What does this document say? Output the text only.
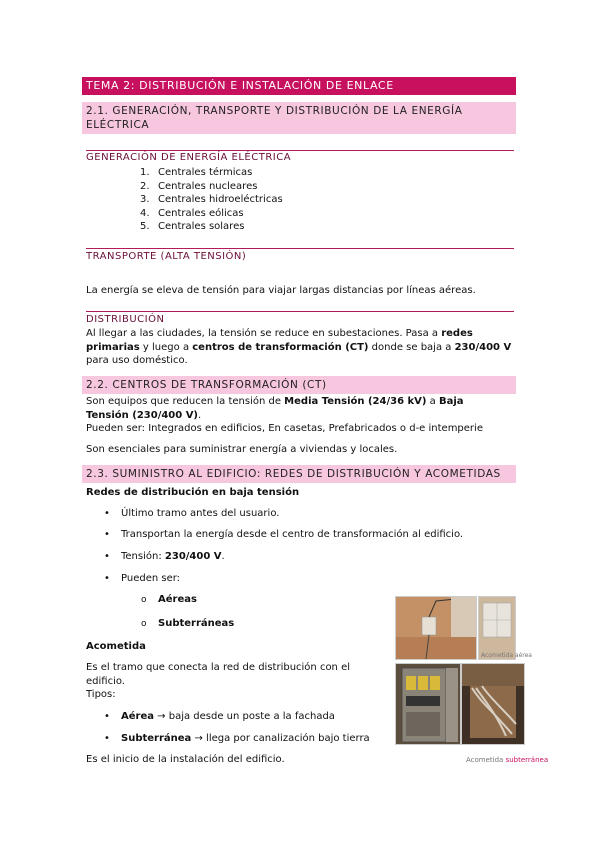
TEMA 2: DISTRIBUCIÓN E INSTALACIÓN DE ENLACE
2.1. GENERACIÓN, TRANSPORTE Y DISTRIBUCIÓN DE LA ENERGÍA
ELÉCTRICA
GENERACIÓN DE ENERGÍA ELÉCTRICA
1. Centrales térmicas
2. Centrales nucleares
3. Centrales hidroeléctricas
4. Centrales eólicas
5. Centrales solares
TRANSPORTE (ALTA TENSIÓN)
La energía se eleva de tensión para viajar largas distancias por líneas aéreas.
DISTRIBUCIÓN
Al llegar a las ciudades, la tensión se reduce en subestaciones. Pasa a redes
primarias y luego a centros de transformación (CT) donde se baja a 230/400 V
para uso doméstico.
2.2. CENTROS DE TRANSFORMACIÓN (CT)
Son equipos que reducen la tensión de Media Tensión (24/36 kV) a Baja
Tensión (230/400 V).
Pueden ser: Integrados en edificios, En casetas, Prefabricados o d-e intemperie
Son esenciales para suministrar energía a viviendas y locales.
2.3. SUMINISTRO AL EDIFICIO: REDES DE DISTRIBUCIÓN Y ACOMETIDAS
Redes de distribución en baja tensión
• Último tramo antes del usuario.
• Transportan la energía desde el centro de transformación al edificio.
• Tensión: 230/400 V.
• Pueden ser:
o Aéreas
o Subterráneas
Acometida
Es el tramo que conecta la red de distribución con el
edificio.
Tipos:
• Aérea → baja desde un poste a la fachada
• Subterránea → llega por canalización bajo tierra
Es el inicio de la instalación del edificio.
Acometida aérea
Acometida subterránea
